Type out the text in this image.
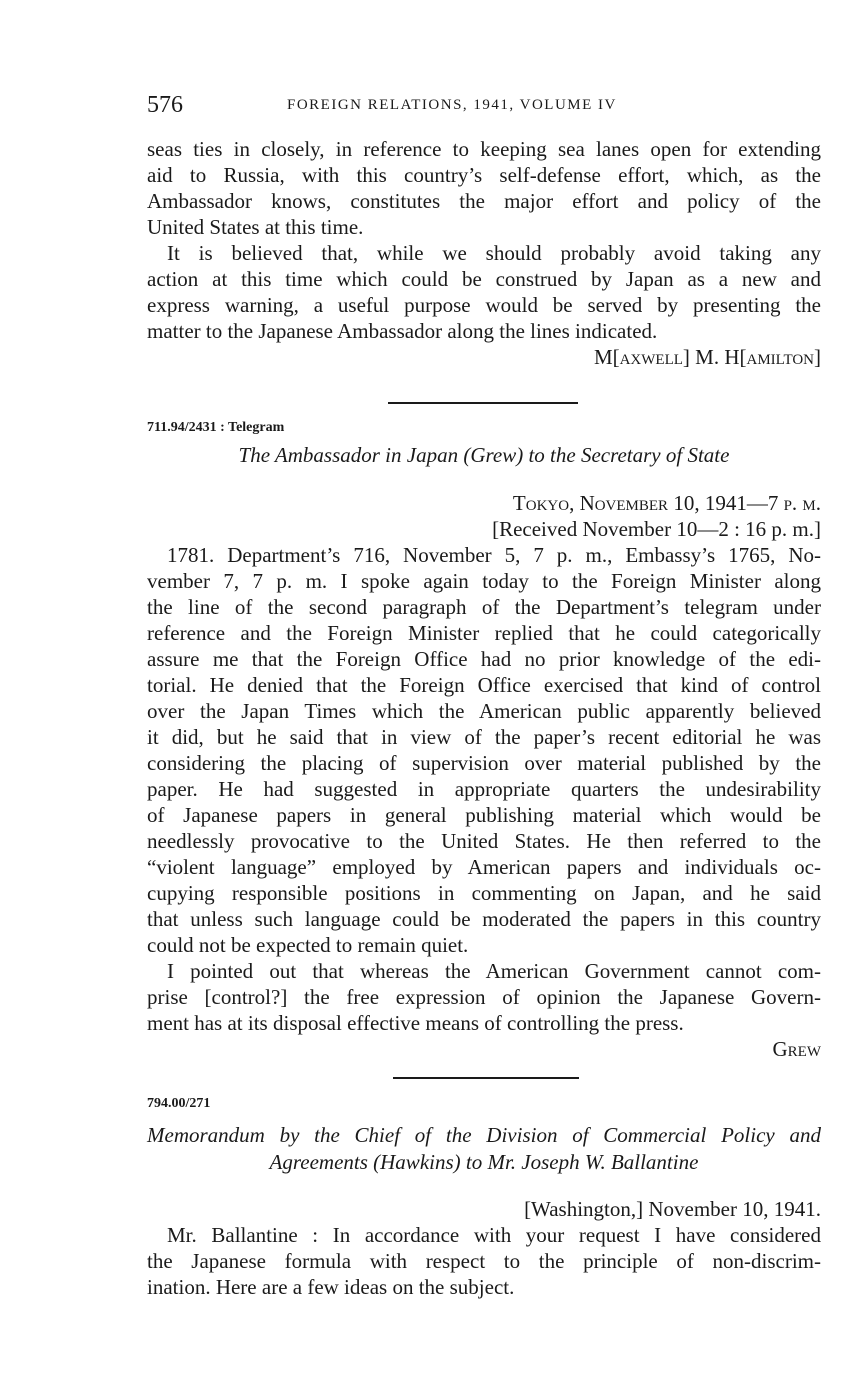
576	FOREIGN RELATIONS, 1941, VOLUME IV
seas ties in closely, in reference to keeping sea lanes open for extending
aid to Russia, with this country’s self-defense effort, which, as the
Ambassador knows, constitutes the major effort and policy of the
United States at this time.
It is believed that, while we should probably avoid taking any
action at this time which could be construed by Japan as a new and
express warning, a useful purpose would be served by presenting the
matter to the Japanese Ambassador along the lines indicated.
M[axwell] M. H[amilton]
711.94/2431 : Telegram
The Ambassador in Japan (Grew) to the Secretary of State
Tokyo, November 10, 1941—7 p. m.
[Received November 10—2 : 16 p. m.]
1781. Department’s 716, November 5, 7 p. m., Embassy’s 1765, No-
vember 7, 7 p. m. I spoke again today to the Foreign Minister along
the line of the second paragraph of the Department’s telegram under
reference and the Foreign Minister replied that he could categorically
assure me that the Foreign Office had no prior knowledge of the edi-
torial. He denied that the Foreign Office exercised that kind of control
over the Japan Times which the American public apparently believed
it did, but he said that in view of the paper’s recent editorial he was
considering the placing of supervision over material published by the
paper. He had suggested in appropriate quarters the undesirability
of Japanese papers in general publishing material which would be
needlessly provocative to the United States. He then referred to the
“violent language” employed by American papers and individuals oc-
cupying responsible positions in commenting on Japan, and he said
that unless such language could be moderated the papers in this country
could not be expected to remain quiet.
I pointed out that whereas the American Government cannot com-
prise [control?] the free expression of opinion the Japanese Govern-
ment has at its disposal effective means of controlling the press.
Grew
794.00/271
Memorandum by the Chief of the Division of Commercial Policy and
Agreements (Hawkins) to Mr. Joseph W. Ballantine
[Washington,] November 10, 1941.
Mr. Ballantine : In accordance with your request I have considered
the Japanese formula with respect to the principle of non-discrim-
ination. Here are a few ideas on the subject.
